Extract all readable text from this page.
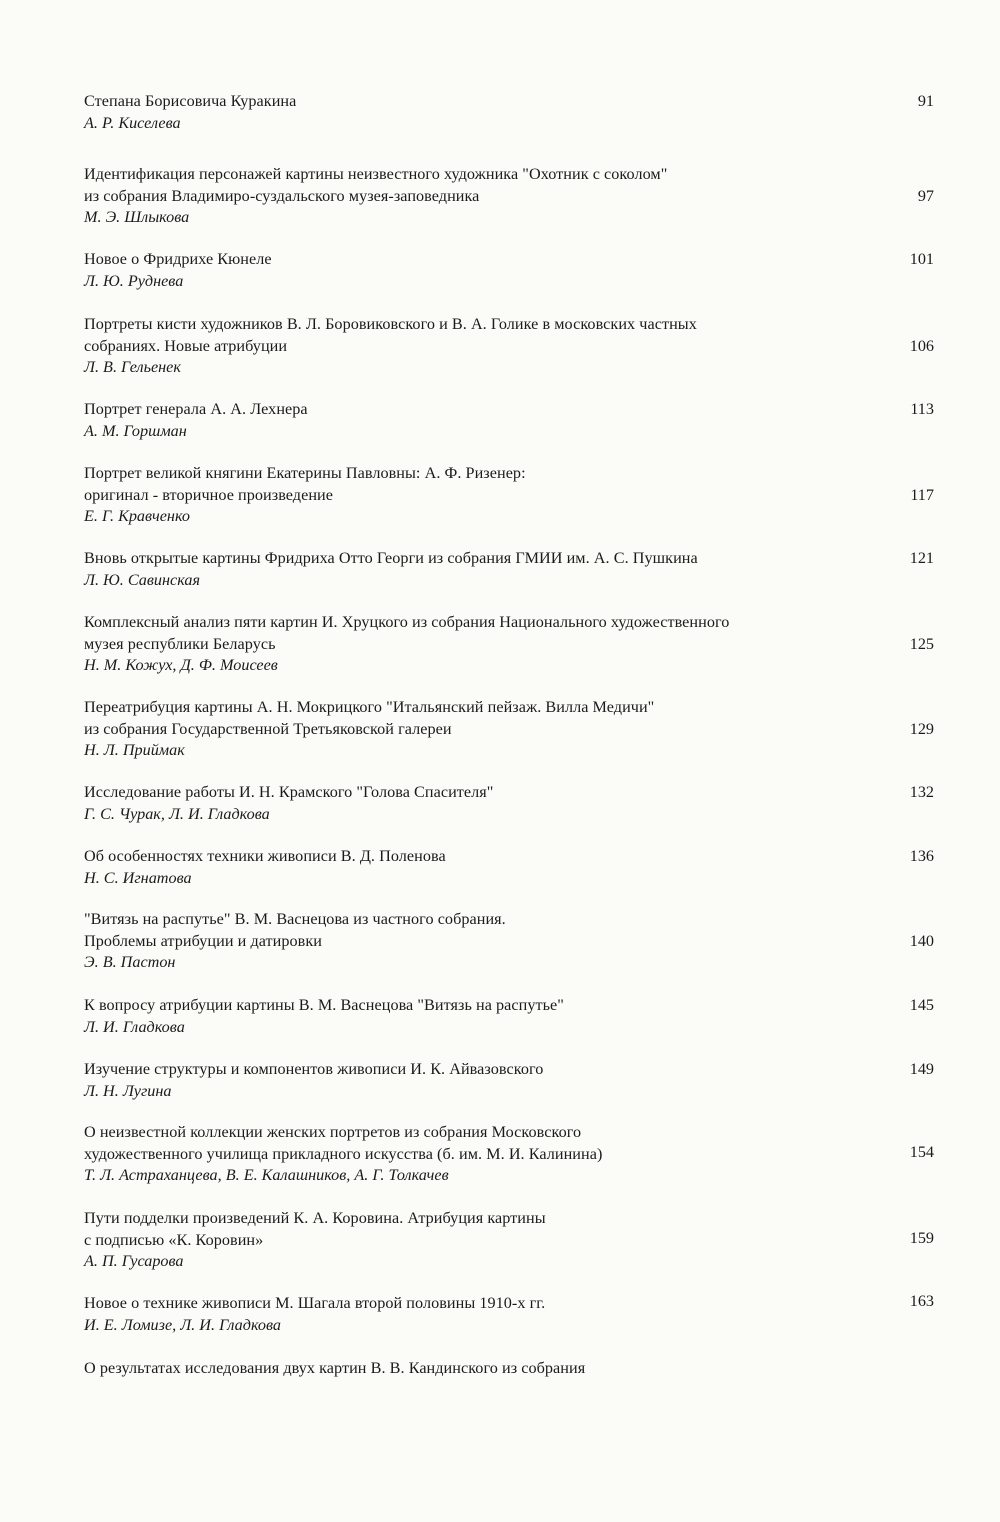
Степана Борисовича Куракина
А. Р. Киселева
91
Идентификация персонажей картины неизвестного художника "Охотник с соколом"
из собрания Владимиро-суздальского музея-заповедника
М. Э. Шлыкова
97
Новое о Фридрихе Кюнеле
Л. Ю. Руднева
101
Портреты кисти художников В. Л. Боровиковского и В. А. Голике в московских частных
собраниях. Новые атрибуции
Л. В. Гельенек
106
Портрет генерала А. А. Лехнера
А. М. Горшман
113
Портрет великой княгини Екатерины Павловны: А. Ф. Ризенер:
оригинал - вторичное произведение
Е. Г. Кравченко
117
Вновь открытые картины Фридриха Отто Георги из собрания ГМИИ им. А. С. Пушкина
Л. Ю. Савинская
121
Комплексный анализ пяти картин И. Хруцкого из собрания Национального художественного
музея республики Беларусь
Н. М. Кожух, Д. Ф. Моисеев
125
Переатрибуция картины А. Н. Мокрицкого "Итальянский пейзаж. Вилла Медичи"
из собрания Государственной Третьяковской галереи
Н. Л. Приймак
129
Исследование работы И. Н. Крамского "Голова Спасителя"
Г. С. Чурак, Л. И. Гладкова
132
Об особенностях техники живописи В. Д. Поленова
Н. С. Игнатова
136
"Витязь на распутье" В. М. Васнецова из частного собрания.
Проблемы атрибуции и датировки
Э. В. Пастон
140
К вопросу атрибуции картины В. М. Васнецова "Витязь на распутье"
Л. И. Гладкова
145
Изучение структуры и компонентов живописи И. К. Айвазовского
Л. Н. Лугина
149
О неизвестной коллекции женских портретов из собрания Московского
художественного училища прикладного искусства (б. им. М. И. Калинина)
Т. Л. Астраханцева, В. Е. Калашников, А. Г. Толкачев
154
Пути подделки произведений К. А. Коровина. Атрибуция картины
с подписью «К. Коровин»
А. П. Гусарова
159
Новое о технике живописи М. Шагала второй половины 1910-х гг.
И. Е. Ломизе, Л. И. Гладкова
163
О результатах исследования двух картин В. В. Кандинского из собрания
